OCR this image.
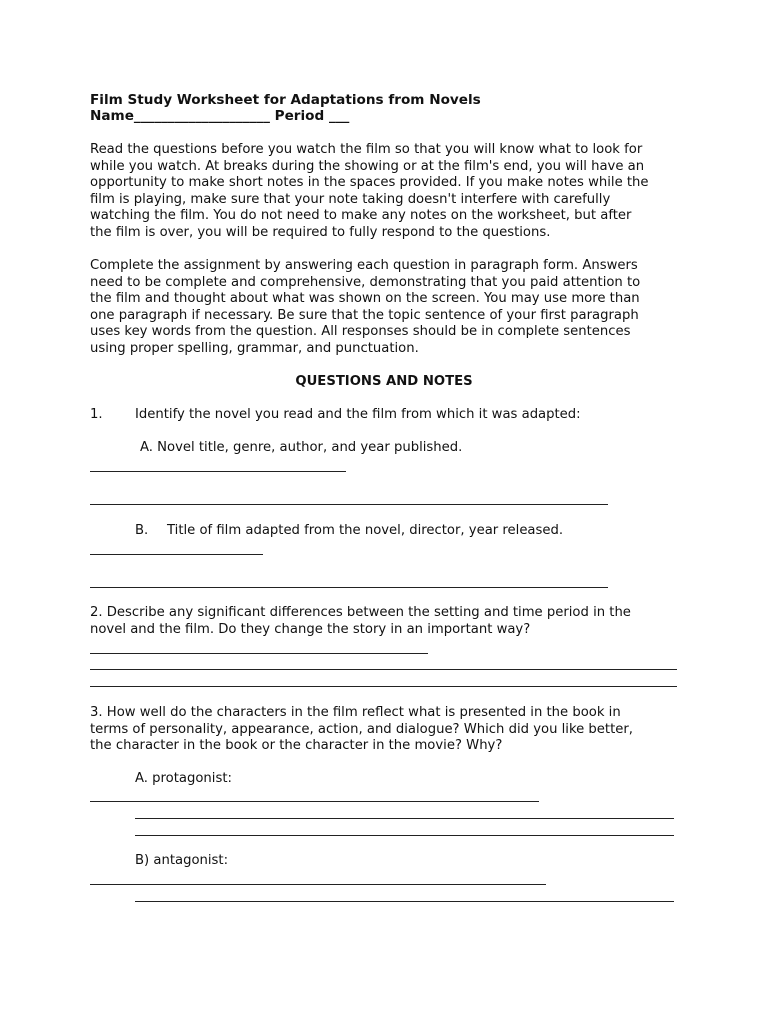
Film Study Worksheet for Adaptations from Novels
Name____________________ Period ___
Read the questions before you watch the film so that you will know what to look for
while you watch. At breaks during the showing or at the film's end, you will have an
opportunity to make short notes in the spaces provided. If you make notes while the
film is playing, make sure that your note taking doesn't interfere with carefully
watching the film. You do not need to make any notes on the worksheet, but after
the film is over, you will be required to fully respond to the questions.
Complete the assignment by answering each question in paragraph form. Answers
need to be complete and comprehensive, demonstrating that you paid attention to
the film and thought about what was shown on the screen. You may use more than
one paragraph if necessary. Be sure that the topic sentence of your first paragraph
uses key words from the question. All responses should be in complete sentences
using proper spelling, grammar, and punctuation.
QUESTIONS AND NOTES
1. Identify the novel you read and the film from which it was adapted:
A. Novel title, genre, author, and year published.
B. Title of film adapted from the novel, director, year released.
2. Describe any significant differences between the setting and time period in the
novel and the film. Do they change the story in an important way?
3. How well do the characters in the film reflect what is presented in the book in
terms of personality, appearance, action, and dialogue? Which did you like better,
the character in the book or the character in the movie? Why?
A. protagonist:
B) antagonist:
